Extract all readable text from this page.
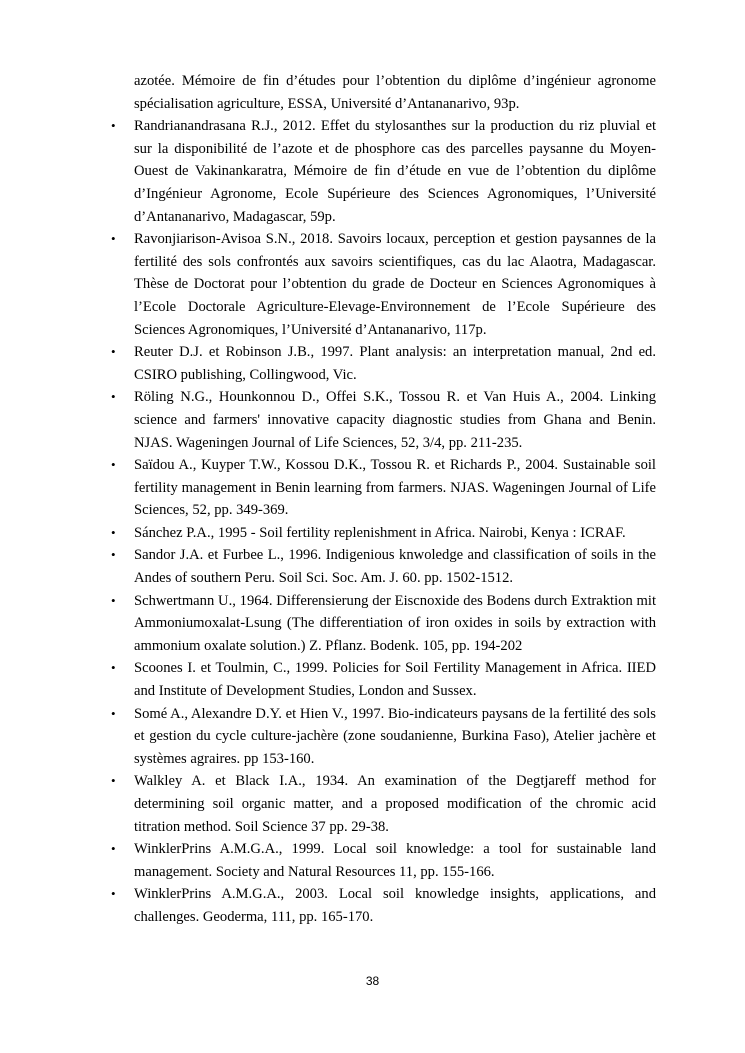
azotée. Mémoire de fin d’études pour l’obtention du diplôme d’ingénieur agronome spécialisation agriculture, ESSA, Université d’Antananarivo, 93p.
• Randrianandrasana R.J., 2012. Effet du stylosanthes sur la production du riz pluvial et sur la disponibilité de l’azote et de phosphore cas des parcelles paysanne du Moyen-Ouest de Vakinankaratra, Mémoire de fin d’étude en vue de l’obtention du diplôme d’Ingénieur Agronome, Ecole Supérieure des Sciences Agronomiques, l’Université d’Antananarivo, Madagascar, 59p.
• Ravonjiarison-Avisoa S.N., 2018. Savoirs locaux, perception et gestion paysannes de la fertilité des sols confrontés aux savoirs scientifiques, cas du lac Alaotra, Madagascar. Thèse de Doctorat pour l’obtention du grade de Docteur en Sciences Agronomiques à l’Ecole Doctorale Agriculture-Elevage-Environnement de l’Ecole Supérieure des Sciences Agronomiques, l’Université d’Antananarivo, 117p.
• Reuter D.J. et Robinson J.B., 1997. Plant analysis: an interpretation manual, 2nd ed. CSIRO publishing, Collingwood, Vic.
• Röling N.G., Hounkonnou D., Offei S.K., Tossou R. et Van Huis A., 2004. Linking science and farmers' innovative capacity diagnostic studies from Ghana and Benin. NJAS. Wageningen Journal of Life Sciences, 52, 3/4, pp. 211-235.
• Saïdou A., Kuyper T.W., Kossou D.K., Tossou R. et Richards P., 2004. Sustainable soil fertility management in Benin learning from farmers. NJAS. Wageningen Journal of Life Sciences, 52, pp. 349-369.
• Sánchez P.A., 1995 - Soil fertility replenishment in Africa. Nairobi, Kenya : ICRAF.
• Sandor J.A. et Furbee L., 1996. Indigenious knwoledge and classification of soils in the Andes of southern Peru. Soil Sci. Soc. Am. J. 60. pp. 1502-1512.
• Schwertmann U., 1964. Differensierung der Eiscnoxide des Bodens durch Extraktion mit Ammoniumoxalat-Lsung (The differentiation of iron oxides in soils by extraction with ammonium oxalate solution.) Z. Pflanz. Bodenk. 105, pp. 194-202
• Scoones I. et Toulmin, C., 1999. Policies for Soil Fertility Management in Africa. IIED and Institute of Development Studies, London and Sussex.
• Somé A., Alexandre D.Y. et Hien V., 1997. Bio-indicateurs paysans de la fertilité des sols et gestion du cycle culture-jachère (zone soudanienne, Burkina Faso), Atelier jachère et systèmes agraires. pp 153-160.
• Walkley A. et Black I.A., 1934. An examination of the Degtjareff method for determining soil organic matter, and a proposed modification of the chromic acid titration method. Soil Science 37 pp. 29-38.
• WinklerPrins A.M.G.A., 1999. Local soil knowledge: a tool for sustainable land management. Society and Natural Resources 11, pp. 155-166.
• WinklerPrins A.M.G.A., 2003. Local soil knowledge insights, applications, and challenges. Geoderma, 111, pp. 165-170.
38
